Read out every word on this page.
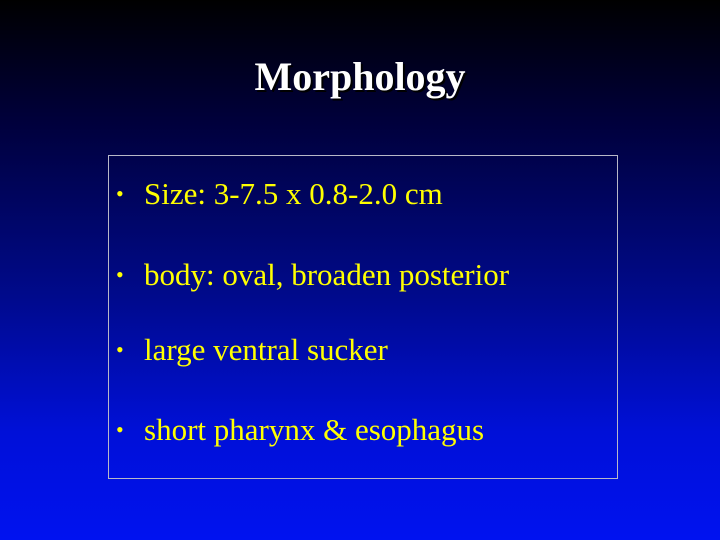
Morphology
• Size: 3-7.5 x 0.8-2.0 cm
• body: oval, broaden posterior
• large ventral sucker
• short pharynx & esophagus
